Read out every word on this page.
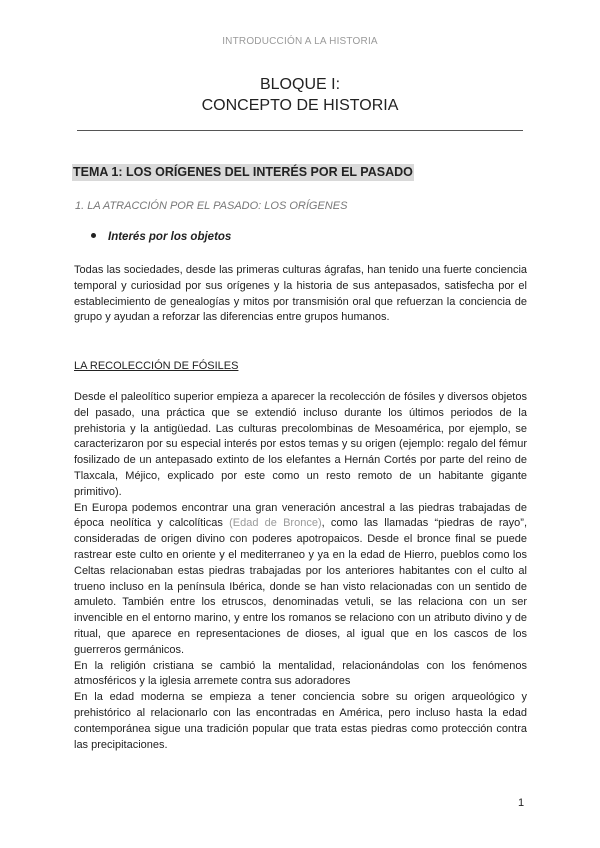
INTRODUCCIÓN A LA HISTORIA
BLOQUE I:
CONCEPTO DE HISTORIA
TEMA 1: LOS ORÍGENES DEL INTERÉS POR EL PASADO
1. LA ATRACCIÓN POR EL PASADO: LOS ORÍGENES
Interés por los objetos

Todas las sociedades, desde las primeras culturas ágrafas, han tenido una fuerte conciencia temporal y curiosidad por sus orígenes y la historia de sus antepasados, satisfecha por el establecimiento de genealogías y mitos por transmisión oral que refuerzan la conciencia de grupo y ayudan a reforzar las diferencias entre grupos humanos.

LA RECOLECCIÓN DE FÓSILES
Desde el paleolítico superior empieza a aparecer la recolección de fósiles y diversos objetos del pasado, una práctica que se extendió incluso durante los últimos periodos de la prehistoria y la antigüedad. Las culturas precolombinas de Mesoamérica, por ejemplo, se caracterizaron por su especial interés por estos temas y su origen (ejemplo: regalo del fémur fosilizado de un antepasado extinto de los elefantes a Hernán Cortés por parte del reino de Tlaxcala, Méjico, explicado por este como un resto remoto de un habitante gigante primitivo).
En Europa podemos encontrar una gran veneración ancestral a las piedras trabajadas de época neolítica y calcolíticas (Edad de Bronce), como las llamadas “piedras de rayo”, consideradas de origen divino con poderes apotropaicos. Desde el bronce final se puede rastrear este culto en oriente y el mediterraneo y ya en la edad de Hierro, pueblos como los Celtas relacionaban estas piedras trabajadas por los anteriores habitantes con el culto al trueno incluso en la península Ibérica, donde se han visto relacionadas con un sentido de amuleto. También entre los etruscos, denominadas vetuli, se las relaciona con un ser invencible en el entorno marino, y entre los romanos se relaciono con un atributo divino y de ritual, que aparece en representaciones de dioses, al igual que en los cascos de los guerreros germánicos.
En la religión cristiana se cambió la mentalidad, relacionándolas con los fenómenos atmosféricos y la iglesia arremete contra sus adoradores
En la edad moderna se empieza a tener conciencia sobre su origen arqueológico y prehistórico al relacionarlo con las encontradas en América, pero incluso hasta la edad contemporánea sigue una tradición popular que trata estas piedras como protección contra las precipitaciones.
1
